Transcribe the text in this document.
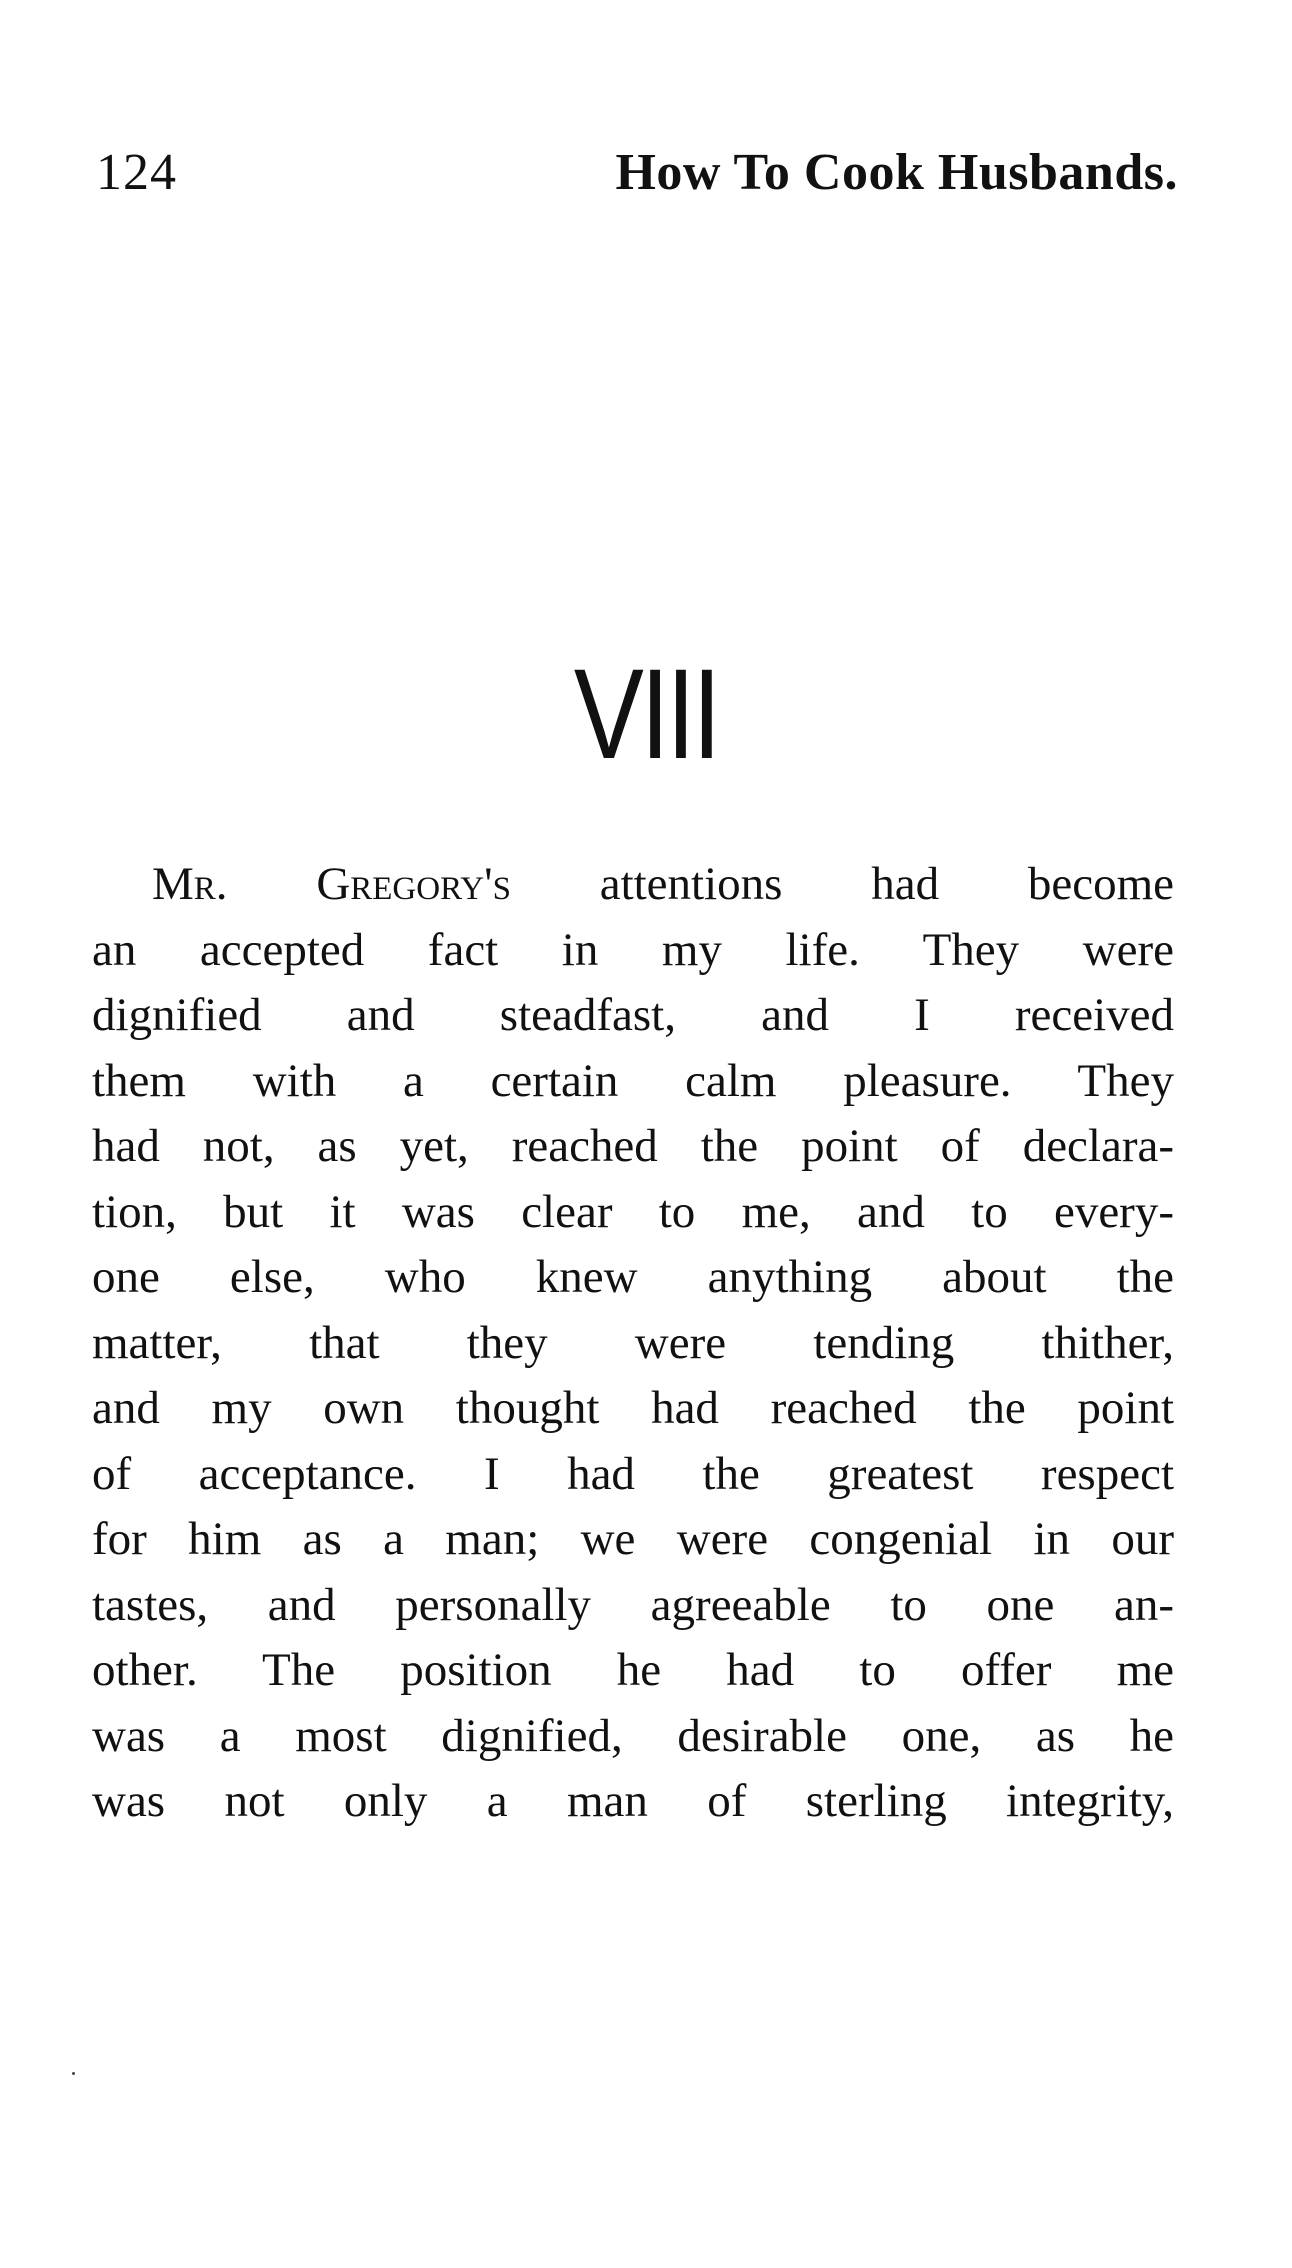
124	How To Cook Husbands.
VIII
Mr. Gregory's attentions had become
an accepted fact in my life. They were
dignified and steadfast, and I received
them with a certain calm pleasure. They
had not, as yet, reached the point of declara-
tion, but it was clear to me, and to every-
one else, who knew anything about the
matter, that they were tending thither,
and my own thought had reached the point
of acceptance. I had the greatest respect
for him as a man; we were congenial in our
tastes, and personally agreeable to one an-
other. The position he had to offer me
was a most dignified, desirable one, as he
was not only a man of sterling integrity,
